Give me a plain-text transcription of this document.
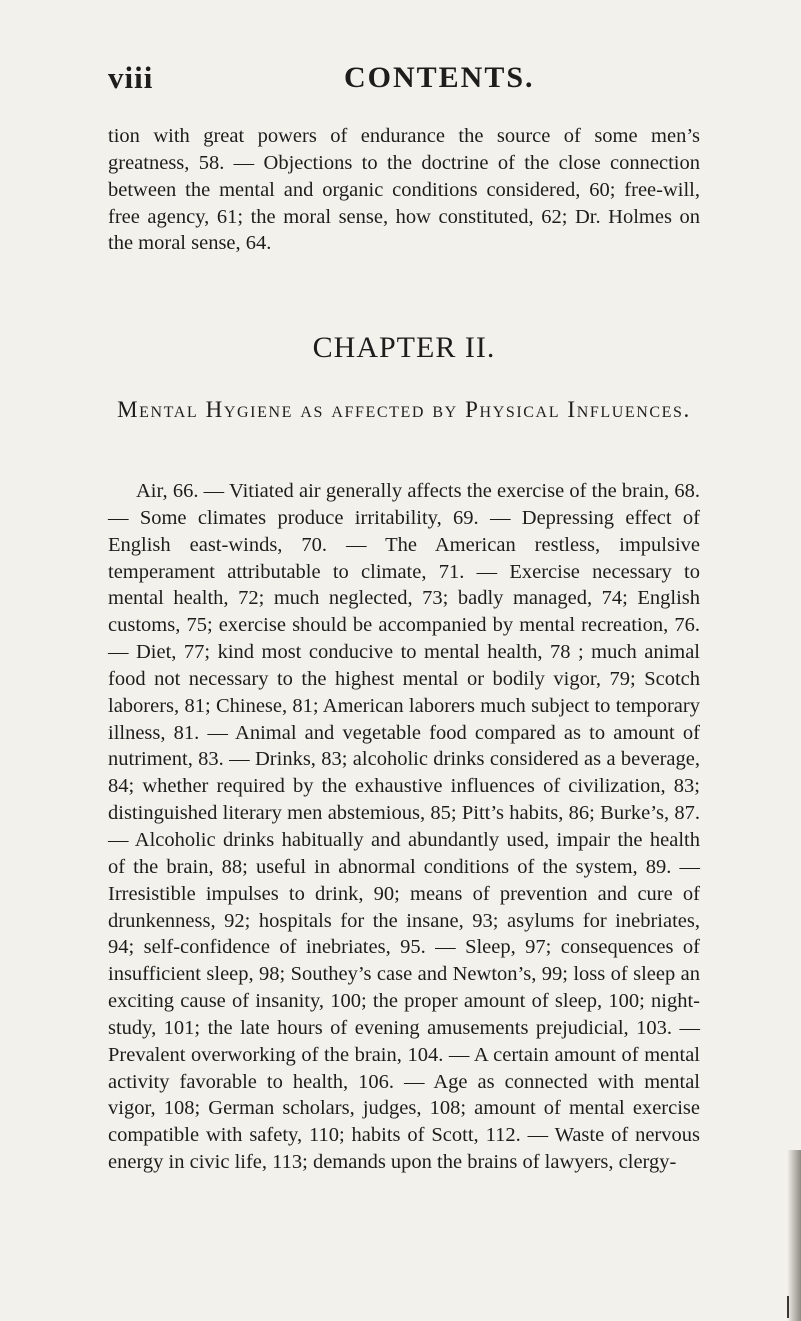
viii	CONTENTS.

tion with great powers of endurance the source of some men’s greatness, 58. — Objections to the doctrine of the close connection between the mental and organic conditions considered, 60; free-will, free agency, 61; the moral sense, how constituted, 62; Dr. Holmes on the moral sense, 64.

CHAPTER II.
Mental Hygiene as affected by Physical Influences.

Air, 66. — Vitiated air generally affects the exercise of the brain, 68. — Some climates produce irritability, 69. — Depressing effect of English east-winds, 70. — The American restless, impulsive temperament attributable to climate, 71. — Exercise necessary to mental health, 72; much neglected, 73; badly managed, 74; English customs, 75; exercise should be accompanied by mental recreation, 76. — Diet, 77; kind most conducive to mental health, 78 ; much animal food not necessary to the highest mental or bodily vigor, 79; Scotch laborers, 81; Chinese, 81; American laborers much subject to temporary illness, 81. — Animal and vegetable food compared as to amount of nutriment, 83. — Drinks, 83; alcoholic drinks considered as a beverage, 84; whether required by the exhaustive influences of civilization, 83; distinguished literary men abstemious, 85; Pitt’s habits, 86; Burke’s, 87. — Alcoholic drinks habitually and abundantly used, impair the health of the brain, 88; useful in abnormal conditions of the system, 89. — Irresistible impulses to drink, 90; means of prevention and cure of drunkenness, 92; hospitals for the insane, 93; asylums for inebriates, 94; self-confidence of inebriates, 95. — Sleep, 97; consequences of insufficient sleep, 98; Southey’s case and Newton’s, 99; loss of sleep an exciting cause of insanity, 100; the proper amount of sleep, 100; night-study, 101; the late hours of evening amusements prejudicial, 103. — Prevalent overworking of the brain, 104. — A certain amount of mental activity favorable to health, 106. — Age as connected with mental vigor, 108; German scholars, judges, 108; amount of mental exercise compatible with safety, 110; habits of Scott, 112. — Waste of nervous energy in civic life, 113; demands upon the brains of lawyers, clergy-
